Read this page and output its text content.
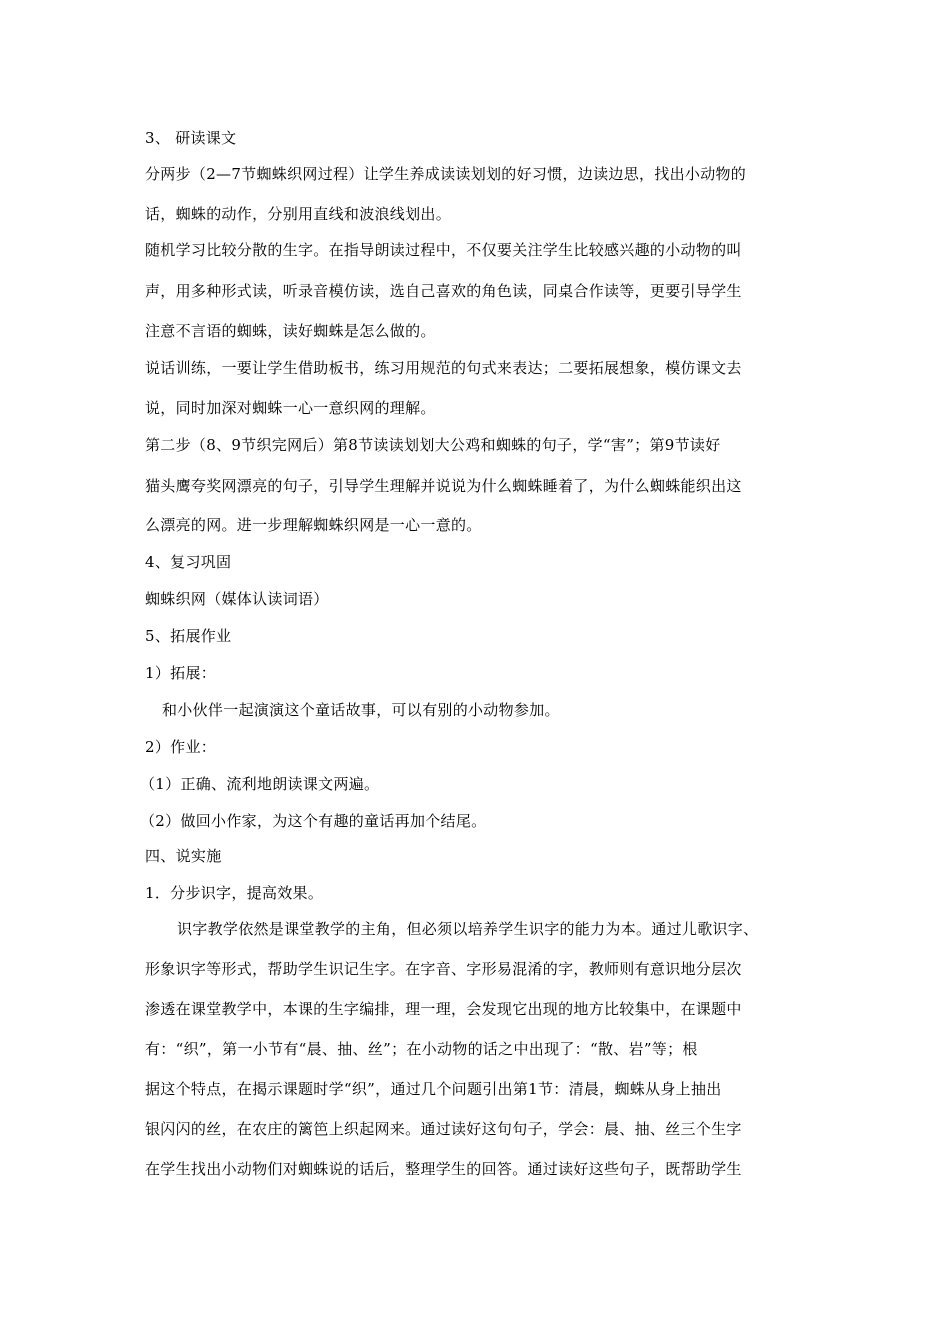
3、 研读课文
分两步（2—7节蜘蛛织网过程）让学生养成读读划划的好习惯，边读边思，找出小动物的
话，蜘蛛的动作，分别用直线和波浪线划出。
随机学习比较分散的生字。在指导朗读过程中，不仅要关注学生比较感兴趣的小动物的叫
声，用多种形式读，听录音模仿读，选自己喜欢的角色读，同桌合作读等，更要引导学生
注意不言语的蜘蛛，读好蜘蛛是怎么做的。
说话训练，一要让学生借助板书，练习用规范的句式来表达；二要拓展想象，模仿课文去
说，同时加深对蜘蛛一心一意织网的理解。
第二步（8、9节织完网后）第8节读读划划大公鸡和蜘蛛的句子，学“害”；第9节读好
猫头鹰夸奖网漂亮的句子，引导学生理解并说说为什么蜘蛛睡着了，为什么蜘蛛能织出这
么漂亮的网。进一步理解蜘蛛织网是一心一意的。
4、复习巩固
蜘蛛织网（媒体认读词语）
5、拓展作业
1）拓展：
和小伙伴一起演演这个童话故事，可以有别的小动物参加。
2）作业：
（1）正确、流利地朗读课文两遍。
（2）做回小作家，为这个有趣的童话再加个结尾。
四、说实施
1．分步识字，提高效果。
识字教学依然是课堂教学的主角，但必须以培养学生识字的能力为本。通过儿歌识字、
形象识字等形式，帮助学生识记生字。在字音、字形易混淆的字，教师则有意识地分层次
渗透在课堂教学中，本课的生字编排，理一理，会发现它出现的地方比较集中，在课题中
有：“织”，第一小节有“晨、抽、丝”；在小动物的话之中出现了：“散、岩”等；根
据这个特点，在揭示课题时学“织”，通过几个问题引出第1节：清晨，蜘蛛从身上抽出
银闪闪的丝，在农庄的篱笆上织起网来。通过读好这句句子，学会：晨、抽、丝三个生字
在学生找出小动物们对蜘蛛说的话后，整理学生的回答。通过读好这些句子，既帮助学生
